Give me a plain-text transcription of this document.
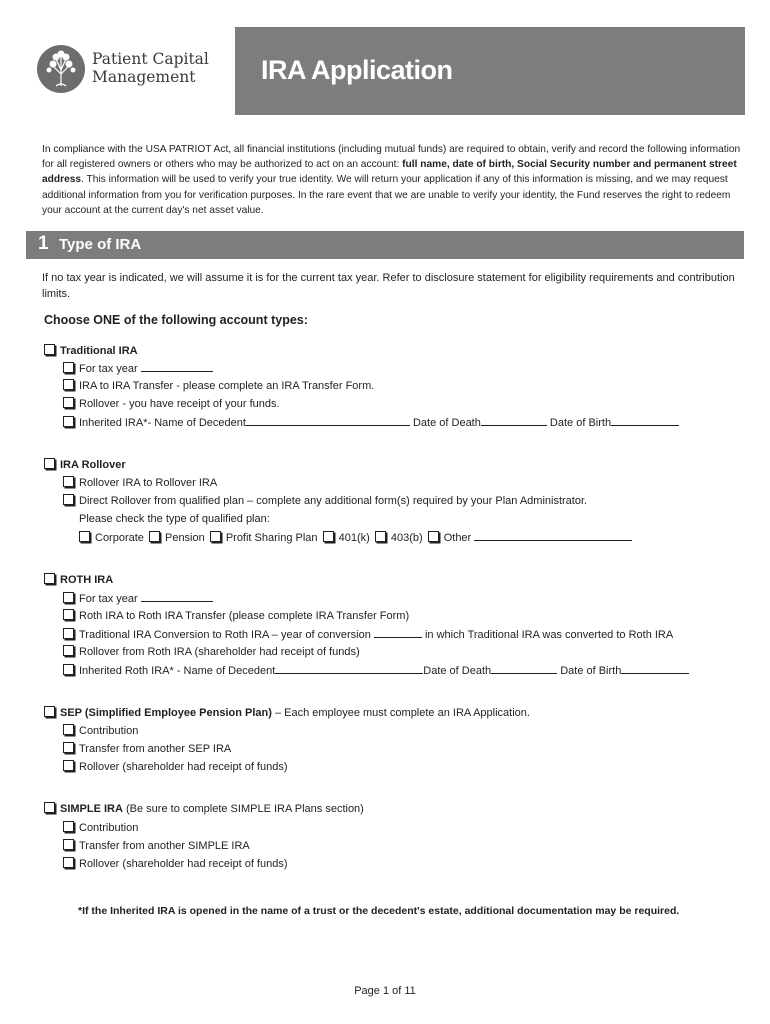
Patient Capital
Management	IRA Application
In compliance with the USA PATRIOT Act, all financial institutions (including mutual funds) are required to obtain, verify and record the following information for all registered owners or others who may be authorized to act on an account: full name, date of birth, Social Security number and permanent street address. This information will be used to verify your true identity. We will return your application if any of this information is missing, and we may request additional information from you for verification purposes. In the rare event that we are unable to verify your identity, the Fund reserves the right to redeem your account at the current day's net asset value.
1 Type of IRA
If no tax year is indicated, we will assume it is for the current tax year. Refer to disclosure statement for eligibility requirements and contribution limits.
Choose ONE of the following account types:
Traditional IRA
For tax year
IRA to IRA Transfer - please complete an IRA Transfer Form.
Rollover - you have receipt of your funds.
Inherited IRA*- Name of Decedent	Date of Death	Date of Birth
IRA Rollover
Rollover IRA to Rollover IRA
Direct Rollover from qualified plan – complete any additional form(s) required by your Plan Administrator.
Please check the type of qualified plan:
Corporate Pension Profit Sharing Plan 401(k) 403(b) Other
ROTH IRA
For tax year
Roth IRA to Roth IRA Transfer (please complete IRA Transfer Form)
Traditional IRA Conversion to Roth IRA – year of conversion	in which Traditional IRA was converted to Roth IRA
Rollover from Roth IRA (shareholder had receipt of funds)
Inherited Roth IRA* - Name of Decedent	Date of Death	Date of Birth
SEP (Simplified Employee Pension Plan) – Each employee must complete an IRA Application.
Contribution
Transfer from another SEP IRA
Rollover (shareholder had receipt of funds)
SIMPLE IRA (Be sure to complete SIMPLE IRA Plans section)
Contribution
Transfer from another SIMPLE IRA
Rollover (shareholder had receipt of funds)
*If the Inherited IRA is opened in the name of a trust or the decedent's estate, additional documentation may be required.
Page 1 of 11
